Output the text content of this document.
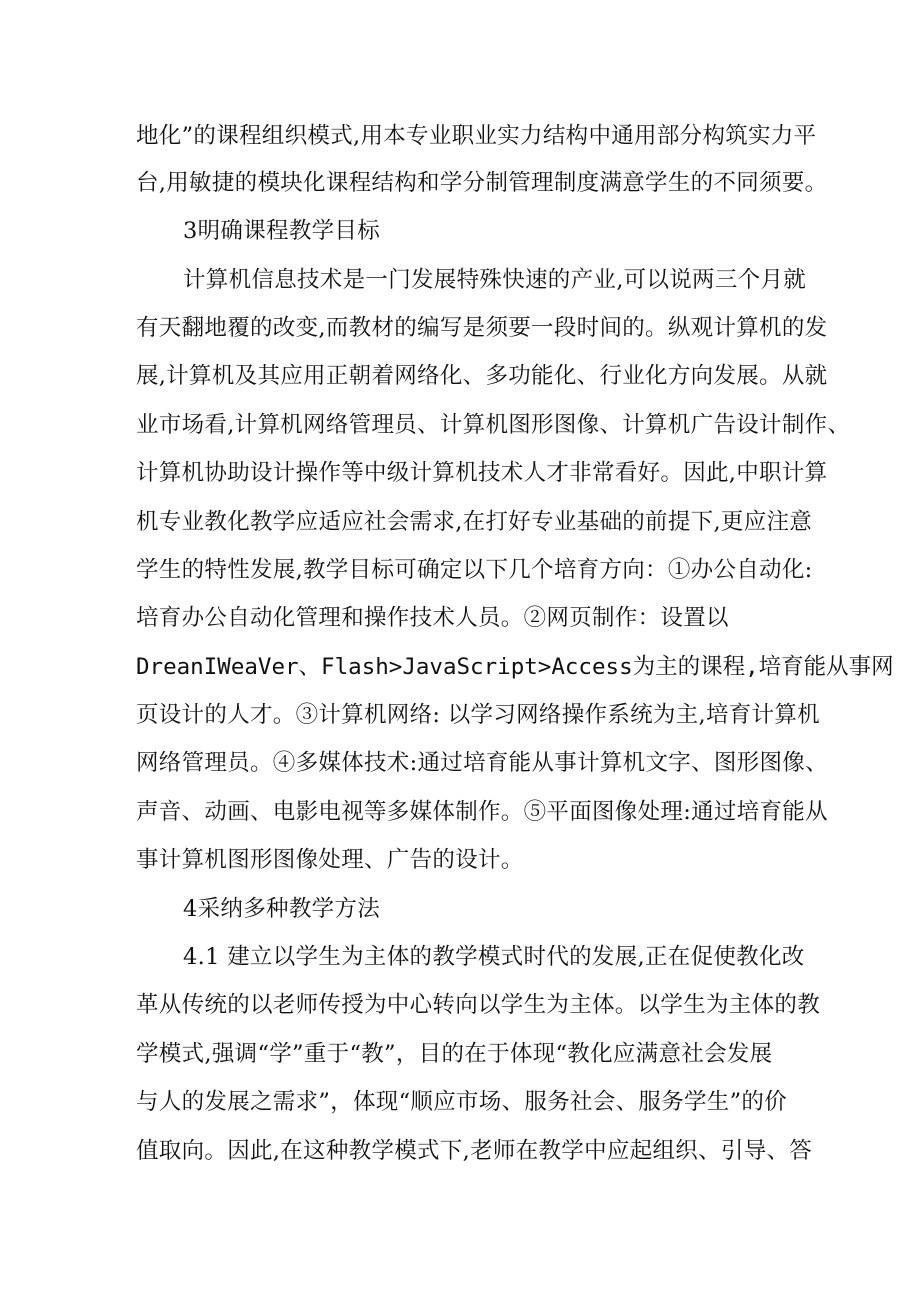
地化”的课程组织模式,用本专业职业实力结构中通用部分构筑实力平
台,用敏捷的模块化课程结构和学分制管理制度满意学生的不同须要。
3明确课程教学目标
计算机信息技术是一门发展特殊快速的产业,可以说两三个月就
有天翻地覆的改变,而教材的编写是须要一段时间的。纵观计算机的发
展,计算机及其应用正朝着网络化、多功能化、行业化方向发展。从就
业市场看,计算机网络管理员、计算机图形图像、计算机广告设计制作、
计算机协助设计操作等中级计算机技术人才非常看好。因此,中职计算
机专业教化教学应适应社会需求,在打好专业基础的前提下,更应注意
学生的特性发展,教学目标可确定以下几个培育方向：①办公自动化:
培育办公自动化管理和操作技术人员。②网页制作：设置以
DreanIWeaVer、Flash>JavaScript>Access为主的课程,培育能从事网
页设计的人才。③计算机网络: 以学习网络操作系统为主,培育计算机
网络管理员。④多媒体技术:通过培育能从事计算机文字、图形图像、
声音、动画、电影电视等多媒体制作。⑤平面图像处理:通过培育能从
事计算机图形图像处理、广告的设计。
4采纳多种教学方法
4.1 建立以学生为主体的教学模式时代的发展,正在促使教化改
革从传统的以老师传授为中心转向以学生为主体。以学生为主体的教
学模式,强调“学”重于“教”，目的在于体现“教化应满意社会发展
与人的发展之需求”，体现“顺应市场、服务社会、服务学生”的价
值取向。因此,在这种教学模式下,老师在教学中应起组织、引导、答
